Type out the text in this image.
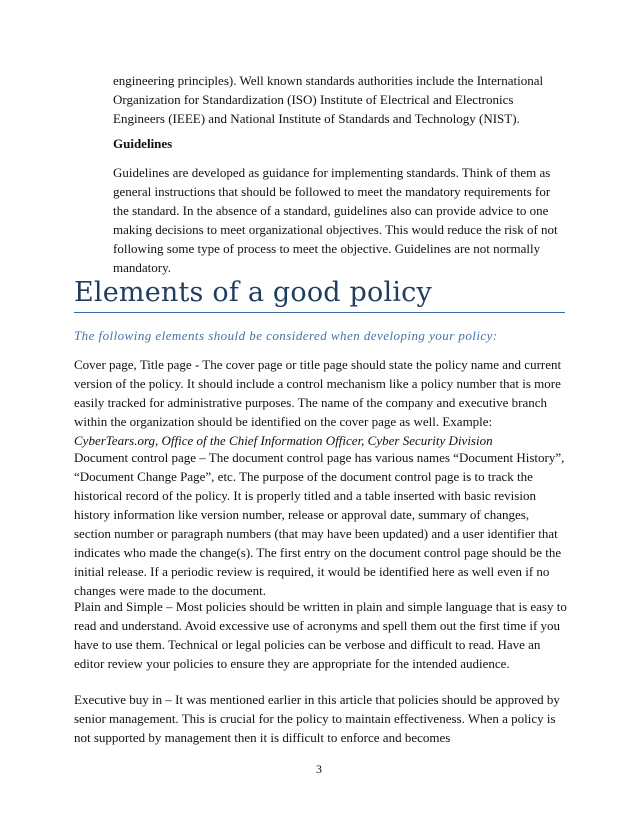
engineering principles). Well known standards authorities include the International Organization for Standardization (ISO) Institute of Electrical and Electronics Engineers (IEEE) and National Institute of Standards and Technology (NIST).

Guidelines

Guidelines are developed as guidance for implementing standards. Think of them as general instructions that should be followed to meet the mandatory requirements for the standard. In the absence of a standard, guidelines also can provide advice to one making decisions to meet organizational objectives. This would reduce the risk of not following some type of process to meet the objective. Guidelines are not normally mandatory.

Elements of a good policy

The following elements should be considered when developing your policy:

Cover page, Title page - The cover page or title page should state the policy name and current version of the policy. It should include a control mechanism like a policy number that is more easily tracked for administrative purposes. The name of the company and executive branch within the organization should be identified on the cover page as well. Example: CyberTears.org, Office of the Chief Information Officer, Cyber Security Division

Document control page – The document control page has various names “Document History”, “Document Change Page”, etc. The purpose of the document control page is to track the historical record of the policy. It is properly titled and a table inserted with basic revision history information like version number, release or approval date, summary of changes, section number or paragraph numbers (that may have been updated) and a user identifier that indicates who made the change(s). The first entry on the document control page should be the initial release. If a periodic review is required, it would be identified here as well even if no changes were made to the document.

Plain and Simple – Most policies should be written in plain and simple language that is easy to read and understand. Avoid excessive use of acronyms and spell them out the first time if you have to use them. Technical or legal policies can be verbose and difficult to read. Have an editor review your policies to ensure they are appropriate for the intended audience.

Executive buy in – It was mentioned earlier in this article that policies should be approved by senior management. This is crucial for the policy to maintain effectiveness. When a policy is not supported by management then it is difficult to enforce and becomes

3
